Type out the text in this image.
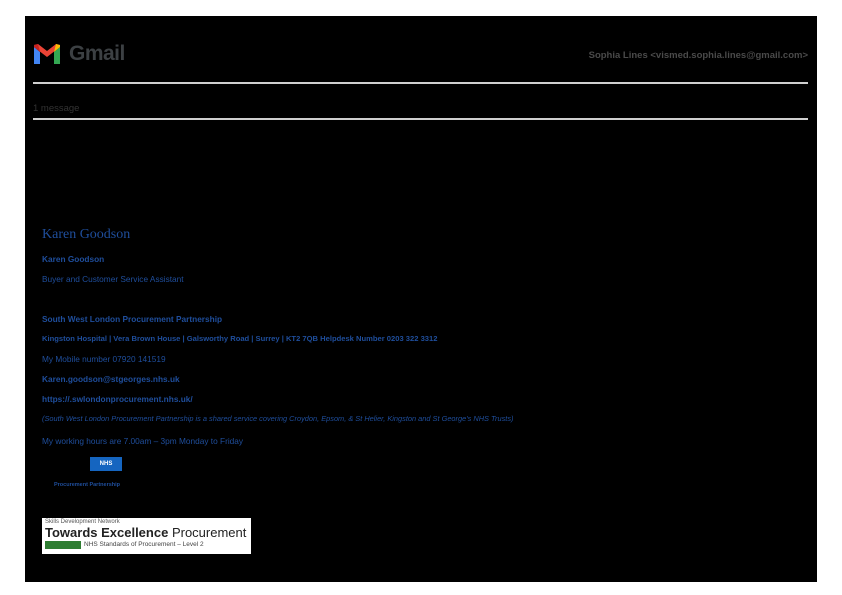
Gmail	Sophia Lines <vismed.sophia.lines@gmail.com>
1 message
Karen Goodson
Karen Goodson
Buyer and Customer Service Assistant
South West London Procurement Partnership
Kingston Hospital | Vera Brown House | Galsworthy Road | Surrey | KT2 7QB Helpdesk Number 0203 322 3312
My Mobile number 07920 141519
Karen.goodson@stgeorges.nhs.uk
https://.swlondonprocurement.nhs.uk/
(South West London Procurement Partnership is a shared service covering Croydon, Epsom, & St Helier, Kingston and St George's NHS Trusts)
My working hours are 7.00am – 3pm Monday to Friday
NHS
Procurement Partnership
Skills Development Network
Towards Excellence Procurement
NHS Standards of Procurement – Level 2
